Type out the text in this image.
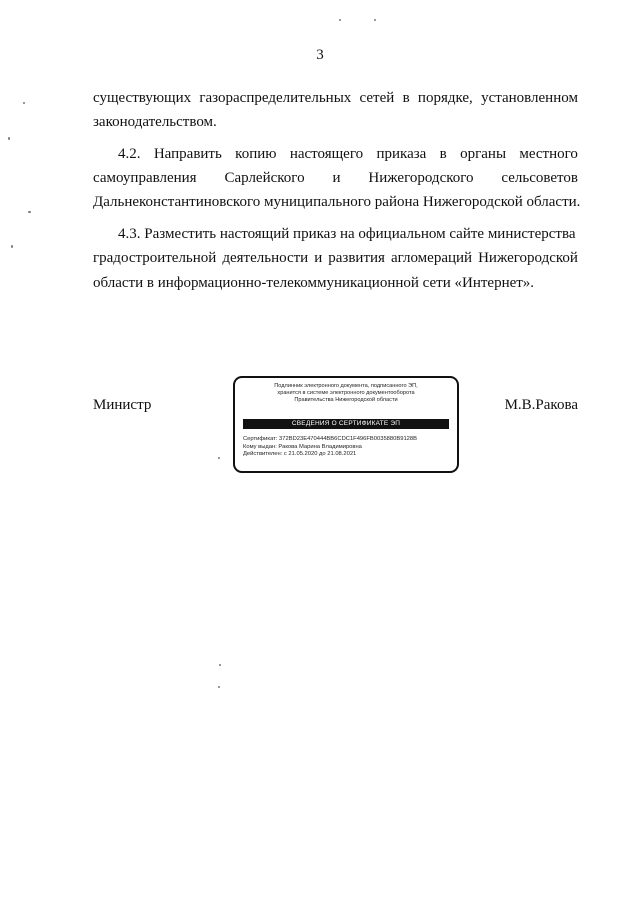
3
существующих газораспределительных сетей в порядке, установленном
законодательством.
4.2. Направить копию настоящего приказа в органы местного
самоуправления Сарлейского и Нижегородского сельсоветов
Дальнеконстантиновского муниципального района Нижегородской области.
4.3. Разместить настоящий приказ на официальном сайте министерства
градостроительной деятельности и развития агломераций Нижегородской
области в информационно-телекоммуникационной сети «Интернет».
Министр	М.В.Ракова
Подлинник электронного документа, подписанного ЭП,
хранится в системе электронного документооборота
Правительства Нижегородской области
СВЕДЕНИЯ О СЕРТИФИКАТЕ ЭП
Сертификат: 372BD23E470444BB6CDC1F496FB0035880B9128B
Кому выдан: Ракова Марина Владимировна
Действителен: с 21.05.2020 до 21.08.2021
